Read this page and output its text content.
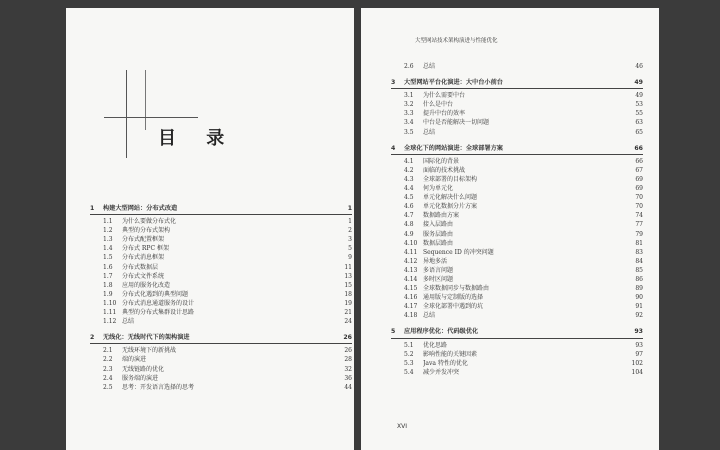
目 录
1	构建大型网站：分布式改造	1
1.1	为什么要做分布式化	1
1.2	典型的分布式架构	2
1.3	分布式配置框架	3
1.4	分布式 RPC 框架	5
1.5	分布式消息框架	9
1.6	分布式数据层	11
1.7	分布式文件系统	13
1.8	应用的服务化改造	15
1.9	分布式化遇到的典型问题	18
1.10 分布式消息通道服务的设计	19
1.11 典型的分布式集群设计思路	21
1.12 总结	24
2	无线化：无线时代下的架构演进	26
2.1	无线环境下的新挑战	26
2.2	端的演进	28
2.3	无线链路的优化	32
2.4	服务端的演进	36
2.5	思考：开发语言选择的思考	44
大型网站技术架构演进与性能优化
2.6	总结	46
3	大型网站平台化演进：大中台小前台	49
3.1	为什么需要中台	49
3.2	什么是中台	53
3.3	提升中台的效率	55
3.4	中台是否能解决一切问题	63
3.5	总结	65
4	全球化下的网站演进：全球部署方案	66
4.1	国际化的背景	66
4.2	面临的技术挑战	67
4.3	全球部署的目标架构	69
4.4	何为单元化	69
4.5	单元化解决什么问题	70
4.6	单元化数据分片方案	70
4.7	数据路由方案	74
4.8	接入层路由	77
4.9	服务层路由	79
4.10 数据层路由	81
4.11 Sequence ID 的冲突问题	83
4.12 异地多活	84
4.13 多语言问题	85
4.14 多时区问题	86
4.15 全球数据同步与数据路由	89
4.16 通用版与定制版的选择	90
4.17 全球化部署中遇到的坑	91
4.18 总结	92
5	应用程序优化：代码级优化	93
5.1	优化思路	93
5.2	影响性能的关键因素	97
5.3	Java 特性的优化	102
5.4	减少并发冲突	104
XVI
